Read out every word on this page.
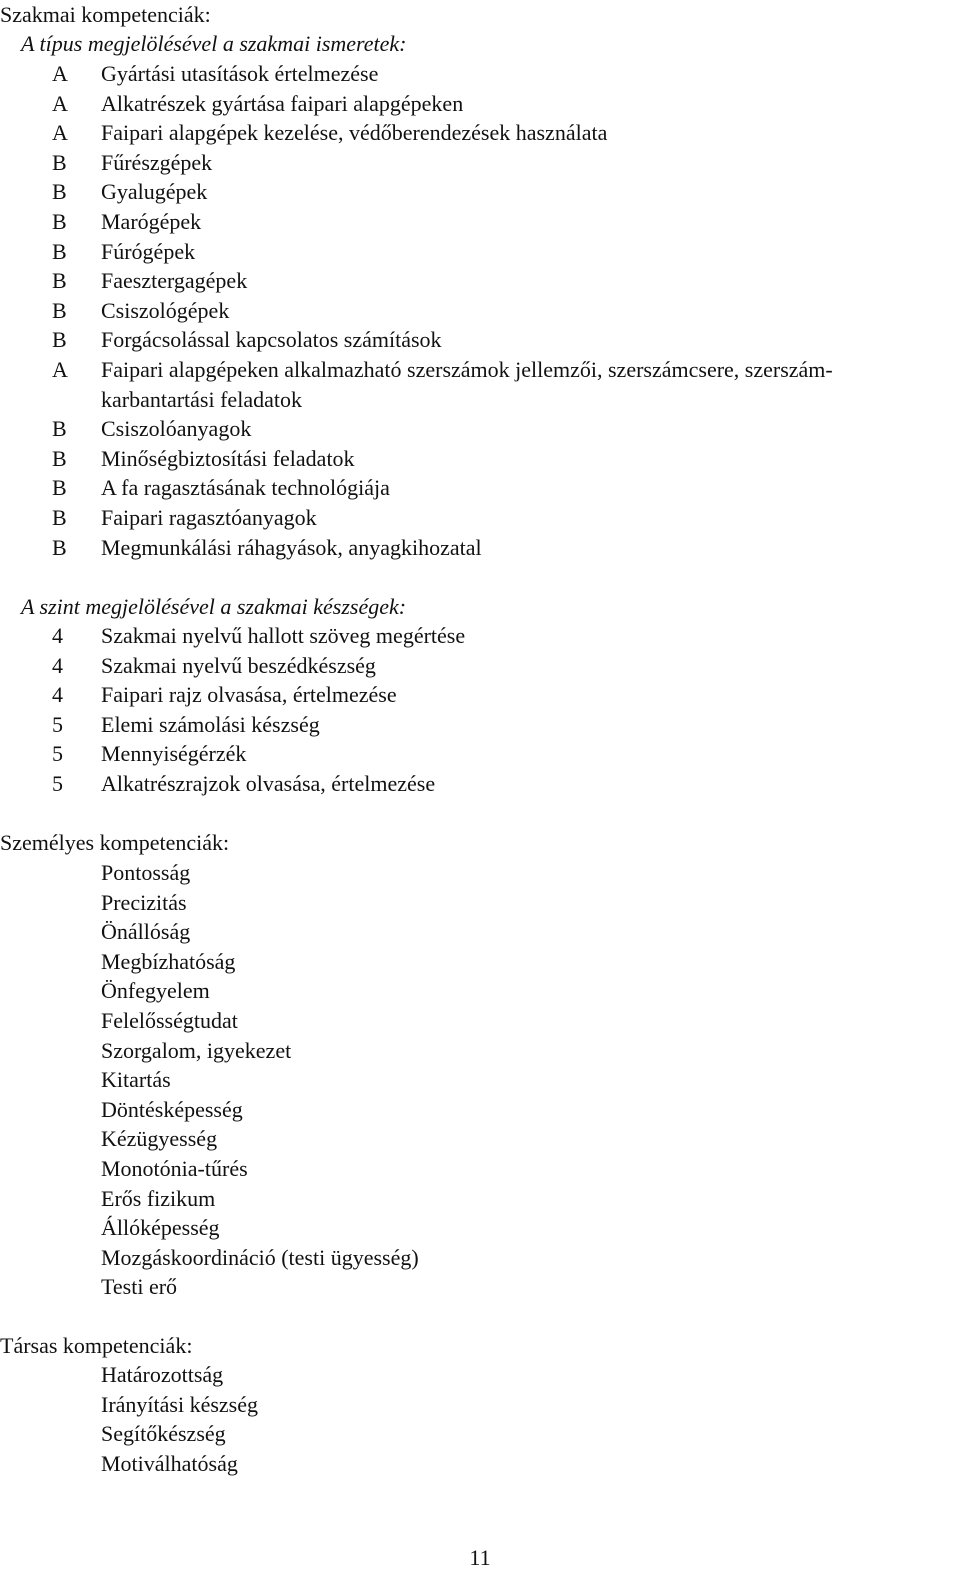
Szakmai kompetenciák:
A típus megjelölésével a szakmai ismeretek:
A	Gyártási utasítások értelmezése
A	Alkatrészek gyártása faipari alapgépeken
A	Faipari alapgépek kezelése, védőberendezések használata
B	Fűrészgépek
B	Gyalugépek
B	Marógépek
B	Fúrógépek
B	Faesztergagépek
B	Csiszológépek
B	Forgácsolással kapcsolatos számítások
A	Faipari alapgépeken alkalmazható szerszámok jellemzői, szerszámcsere, szerszám-
karbantartási feladatok
B	Csiszolóanyagok
B	Minőségbiztosítási feladatok
B	A fa ragasztásának technológiája
B	Faipari ragasztóanyagok
B	Megmunkálási ráhagyások, anyagkihozatal
A szint megjelölésével a szakmai készségek:
4	Szakmai nyelvű hallott szöveg megértése
4	Szakmai nyelvű beszédkészség
4	Faipari rajz olvasása, értelmezése
5	Elemi számolási készség
5	Mennyiségérzék
5	Alkatrészrajzok olvasása, értelmezése
Személyes kompetenciák:
Pontosság
Precizitás
Önállóság
Megbízhatóság
Önfegyelem
Felelősségtudat
Szorgalom, igyekezet
Kitartás
Döntésképesség
Kézügyesség
Monotónia-tűrés
Erős fizikum
Állóképesség
Mozgáskoordináció (testi ügyesség)
Testi erő
Társas kompetenciák:
Határozottság
Irányítási készség
Segítőkészség
Motiválhatóság
11
